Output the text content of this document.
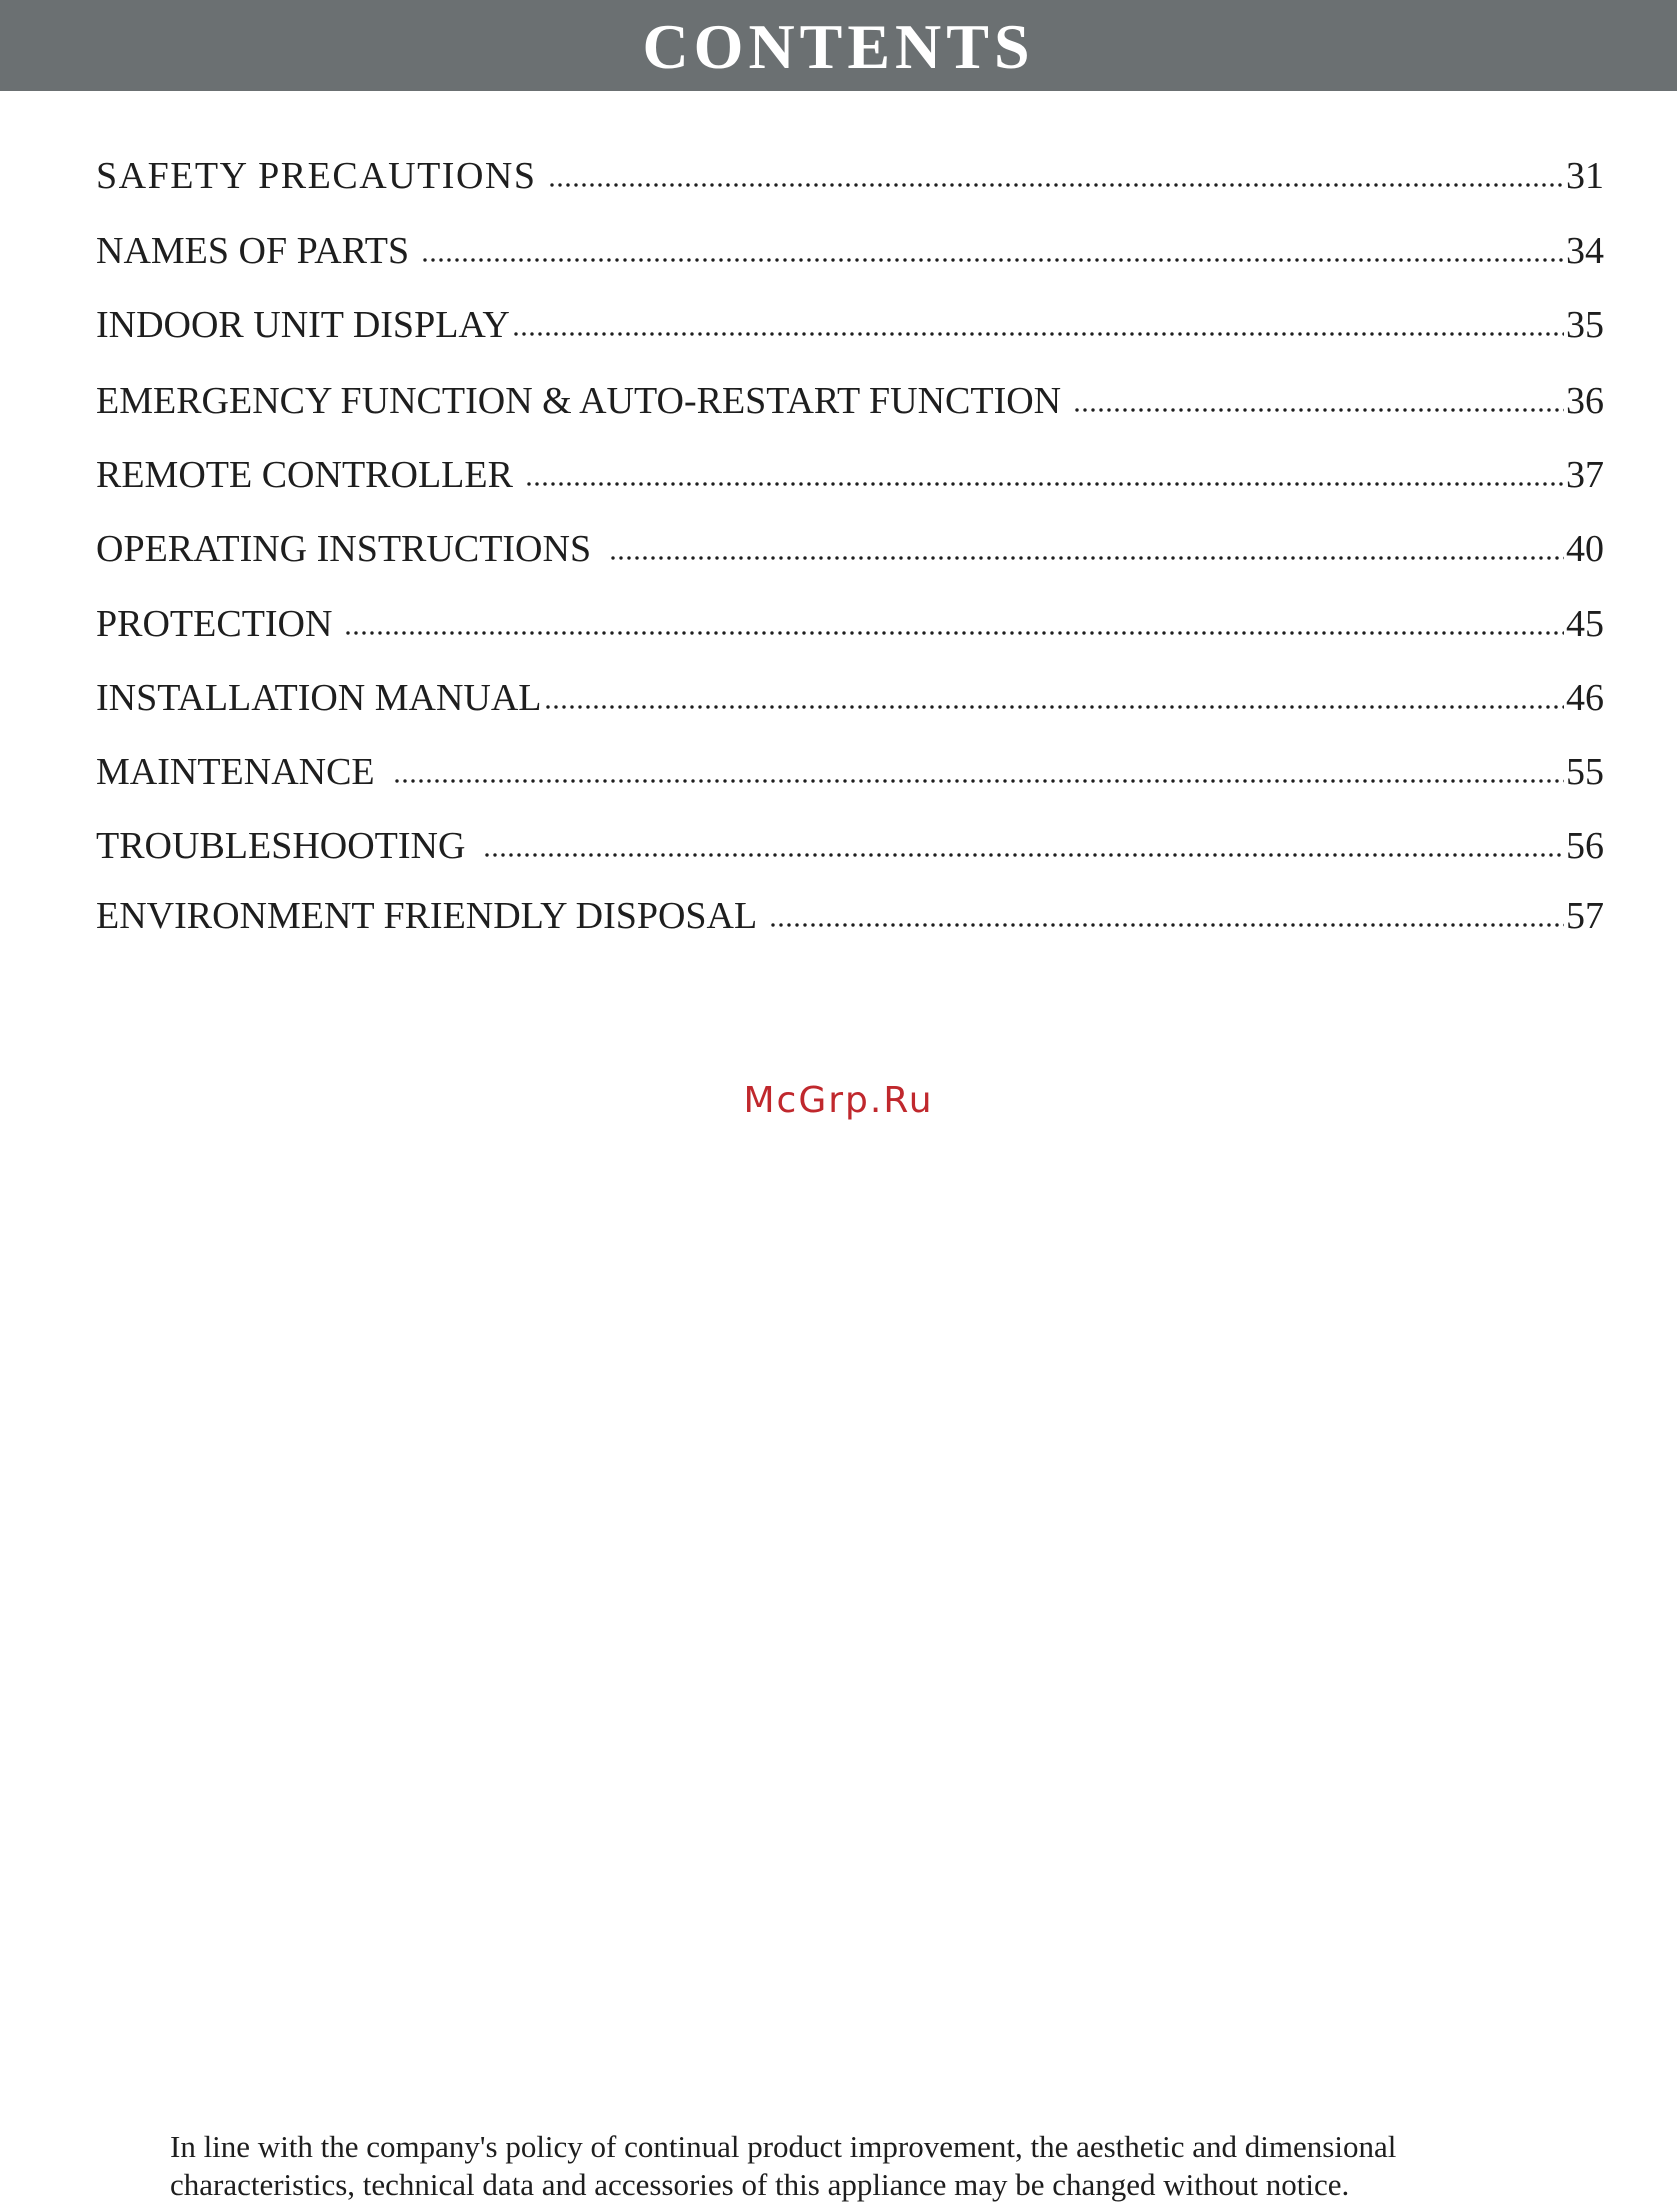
CONTENTS
SAFETY PRECAUTIONS	31
NAMES OF PARTS	34
INDOOR UNIT DISPLAY	35
EMERGENCY FUNCTION & AUTO-RESTART FUNCTION	36
REMOTE CONTROLLER	37
OPERATING INSTRUCTIONS	40
PROTECTION	45
INSTALLATION MANUAL	46
MAINTENANCE	55
TROUBLESHOOTING	56
ENVIRONMENT FRIENDLY DISPOSAL	57
McGrp.Ru
In line with the company's policy of continual product improvement, the aesthetic and dimensional
characteristics, technical data and accessories of this appliance may be changed without notice.
